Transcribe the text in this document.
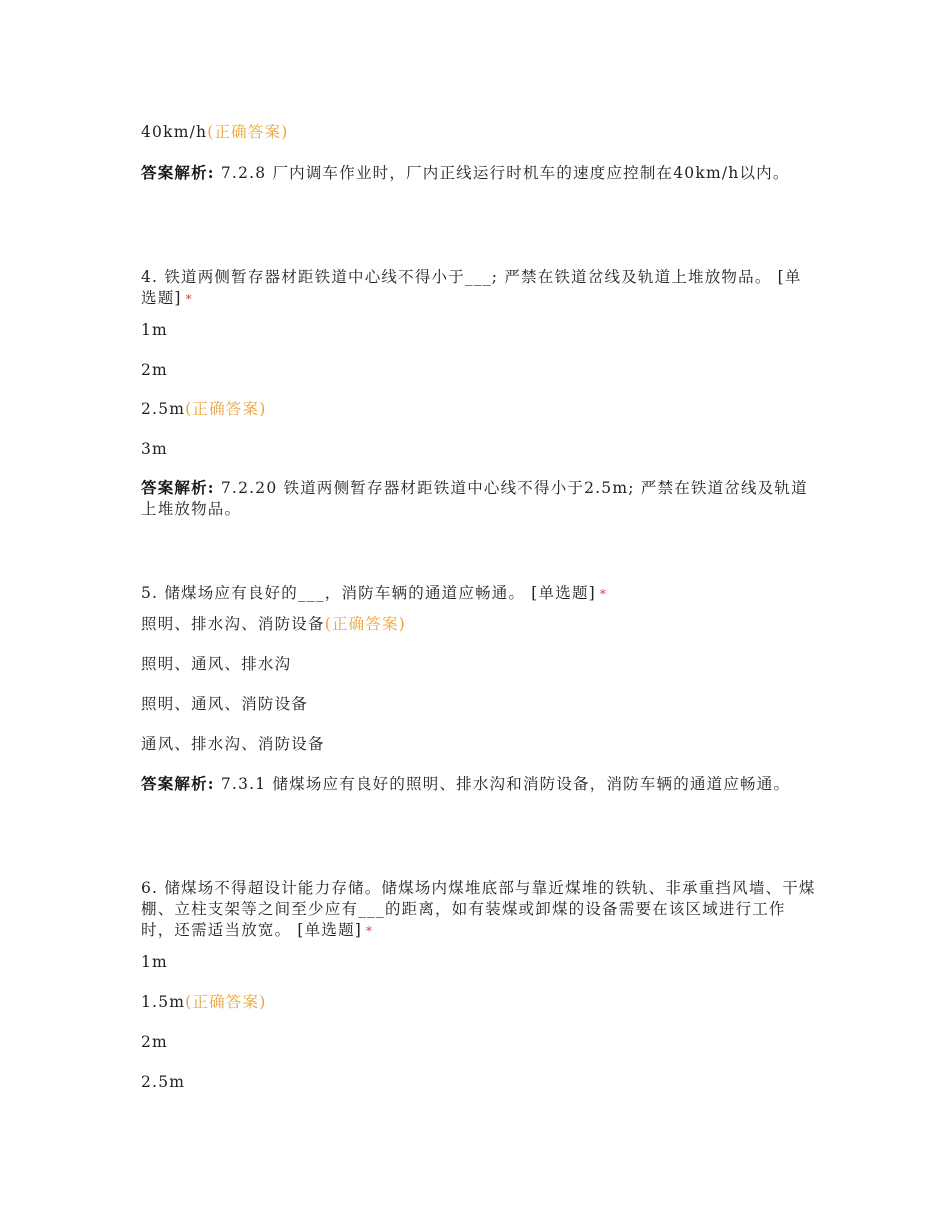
40km/h(正确答案)
答案解析: 7.2.8 厂内调车作业时，厂内正线运行时机车的速度应控制在40km/h以内。
4. 铁道两侧暂存器材距铁道中心线不得小于___; 严禁在铁道岔线及轨道上堆放物品。 [单选题] *
1m
2m
2.5m(正确答案)
3m
答案解析: 7.2.20 铁道两侧暂存器材距铁道中心线不得小于2.5m; 严禁在铁道岔线及轨道上堆放物品。
5. 储煤场应有良好的___，消防车辆的通道应畅通。 [单选题] *
照明、排水沟、消防设备(正确答案)
照明、通风、排水沟
照明、通风、消防设备
通风、排水沟、消防设备
答案解析: 7.3.1 储煤场应有良好的照明、排水沟和消防设备，消防车辆的通道应畅通。
6. 储煤场不得超设计能力存储。储煤场内煤堆底部与靠近煤堆的铁轨、非承重挡风墙、干煤棚、立柱支架等之间至少应有___的距离，如有装煤或卸煤的设备需要在该区域进行工作时，还需适当放宽。 [单选题] *
1m
1.5m(正确答案)
2m
2.5m
